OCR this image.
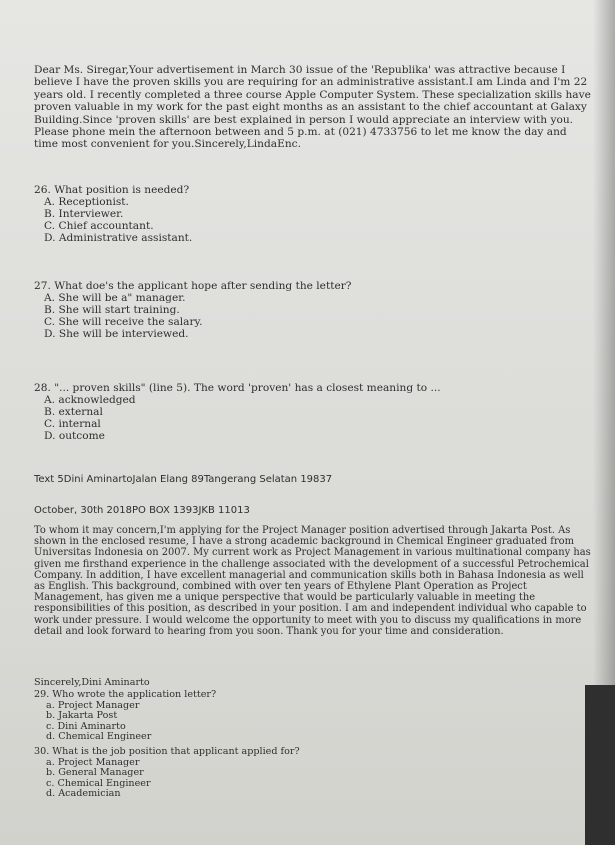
Dear Ms. Siregar,Your advertisement in March 30 issue of the 'Republika' was attractive because I believe I have the proven skills you are requiring for an administrative assistant.I am Linda and I'm 22 years old. I recently completed a three course Apple Computer System. These specialization skills have proven valuable in my work for the past eight months as an assistant to the chief accountant at Galaxy Building.Since 'proven skills' are best explained in person I would appreciate an interview with you. Please phone mein the afternoon between and 5 p.m. at (021) 4733756 to let me know the day and time most convenient for you.Sincerely,LindaEnc.
26. What position is needed?
A. Receptionist.
B. Interviewer.
C. Chief accountant.
D. Administrative assistant.
27. What doe's the applicant hope after sending the letter?
A. She will be a" manager.
B. She will start training.
C. She will receive the salary.
D. She will be interviewed.
28. "... proven skills" (line 5). The word 'proven' has a closest meaning to ...
A. acknowledged
B. external
C. internal
D. outcome
Text 5Dini AminartoJalan Elang 89Tangerang Selatan 19837
October, 30th 2018PO BOX 1393JKB 11013
To whom it may concern,I'm applying for the Project Manager position advertised through Jakarta Post. As shown in the enclosed resume, I have a strong academic background in Chemical Engineer graduated from Universitas Indonesia on 2007. My current work as Project Management in various multinational company has given me firsthand experience in the challenge associated with the development of a successful Petrochemical Company. In addition, I have excellent managerial and communication skills both in Bahasa Indonesia as well as English. This background, combined with over ten years of Ethylene Plant Operation as Project Management, has given me a unique perspective that would be particularly valuable in meeting the responsibilities of this position, as described in your position. I am and independent individual who capable to work under pressure. I would welcome the opportunity to meet with you to discuss my qualifications in more detail and look forward to hearing from you soon. Thank you for your time and consideration.
Sincerely,Dini Aminarto
29. Who wrote the application letter?
a. Project Manager
b. Jakarta Post
c. Dini Aminarto
d. Chemical Engineer
30. What is the job position that applicant applied for?
a. Project Manager
b. General Manager
c. Chemical Engineer
d. Academician
